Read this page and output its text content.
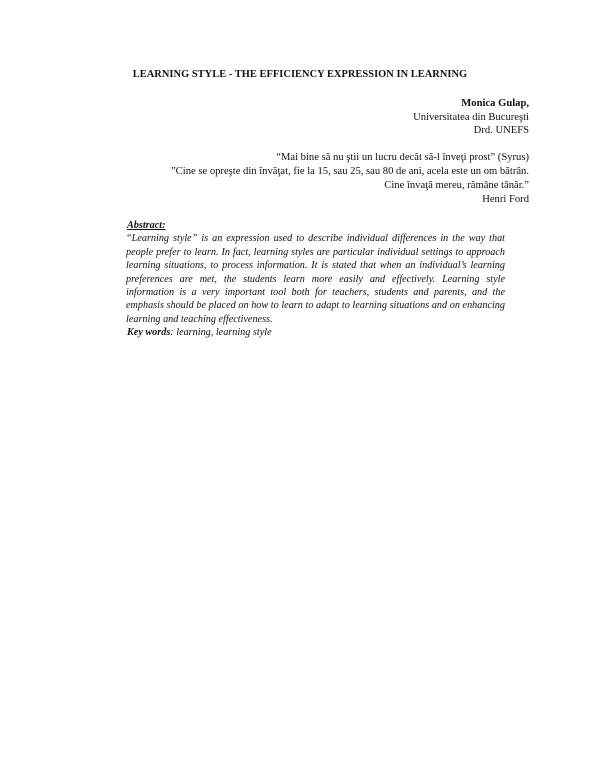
LEARNING STYLE - THE EFFICIENCY EXPRESSION IN LEARNING
Monica Gulap,
Universitatea din Bucureşti
Drd. UNEFS
“Mai bine să nu ştii un lucru decât să-l înveţi prost” (Syrus)
”Cine se opreşte din învăţat, fie la 15, sau 25, sau 80 de ani, acela este un om bătrân.
Cine învaţă mereu, rămâne tânăr.”
Henri Ford
Abstract:
“Learning style” is an expression used to describe individual differences in the way that people prefer to learn. In fact, learning styles are particular individual settings to approach learning situations, to process information. It is stated that when an individual’s learning preferences are met, the students learn more easily and effectively. Learning style information is a very important tool both for teachers, students and parents, and the emphasis should be placed on how to learn to adapt to learning situations and on enhancing learning and teaching effectiveness.
Key words: learning, learning style
